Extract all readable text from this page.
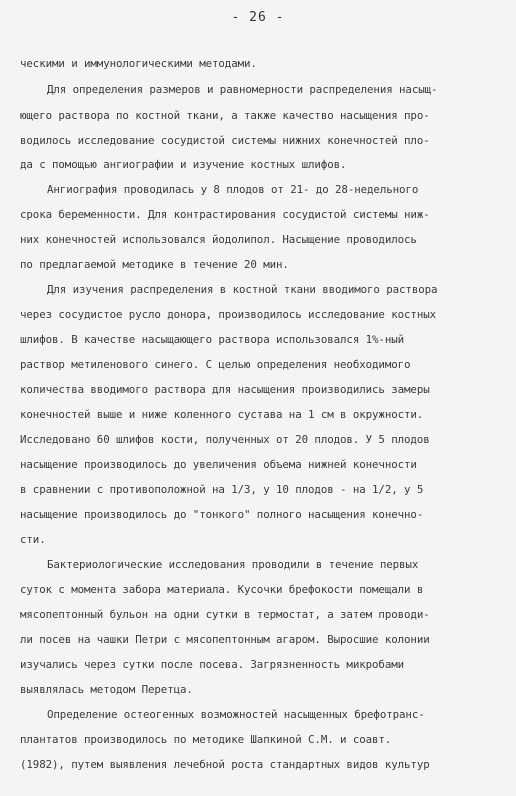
- 26 -
ческими и иммунологическими методами.
Для определения размеров и равномерности распределения насыщ-
ющего раствора по костной ткани, а также качество насыщения про-
водилось исследование сосудистой системы нижних конечностей пло-
да с помощью ангиографии и изучение костных шлифов.
Ангиография проводилась у 8 плодов от 21- до 28-недельного
срока беременности. Для контрастирования сосудистой системы ниж-
них конечностей использовался йодолипол. Насыщение проводилось
по предлагаемой методике в течение 20 мин.
Для изучения распределения в костной ткани вводимого раствора
через сосудистое русло донора, производилось исследование костных
шлифов. В качестве насыщающего раствора использовался 1%-ный
раствор метиленового синего. С целью определения необходимого
количества вводимого раствора для насыщения производились замеры
конечностей выше и ниже коленного сустава на 1 см в окружности.
Исследовано 60 шлифов кости, полученных от 20 плодов. У 5 плодов
насыщение производилось до увеличения объема нижней конечности
в сравнении с противоположной на 1/3, у 10 плодов - на 1/2, у 5
насыщение производилось до "тонкого" полного насыщения конечно-
сти.
Бактериологические исследования проводили в течение первых
суток с момента забора материала. Кусочки брефокости помещали в
мясопептонный бульон на одни сутки в термостат, а затем проводи-
ли посев на чашки Петри с мясопептонным агаром. Выросшие колонии
изучались через сутки после посева. Загрязненность микробами
выявлялась методом Перетца.
Определение остеогенных возможностей насыщенных брефотранс-
плантатов производилось по методике Шапкиной С.М. и соавт.
(1982), путем выявления лечебной роста стандартных видов культур
